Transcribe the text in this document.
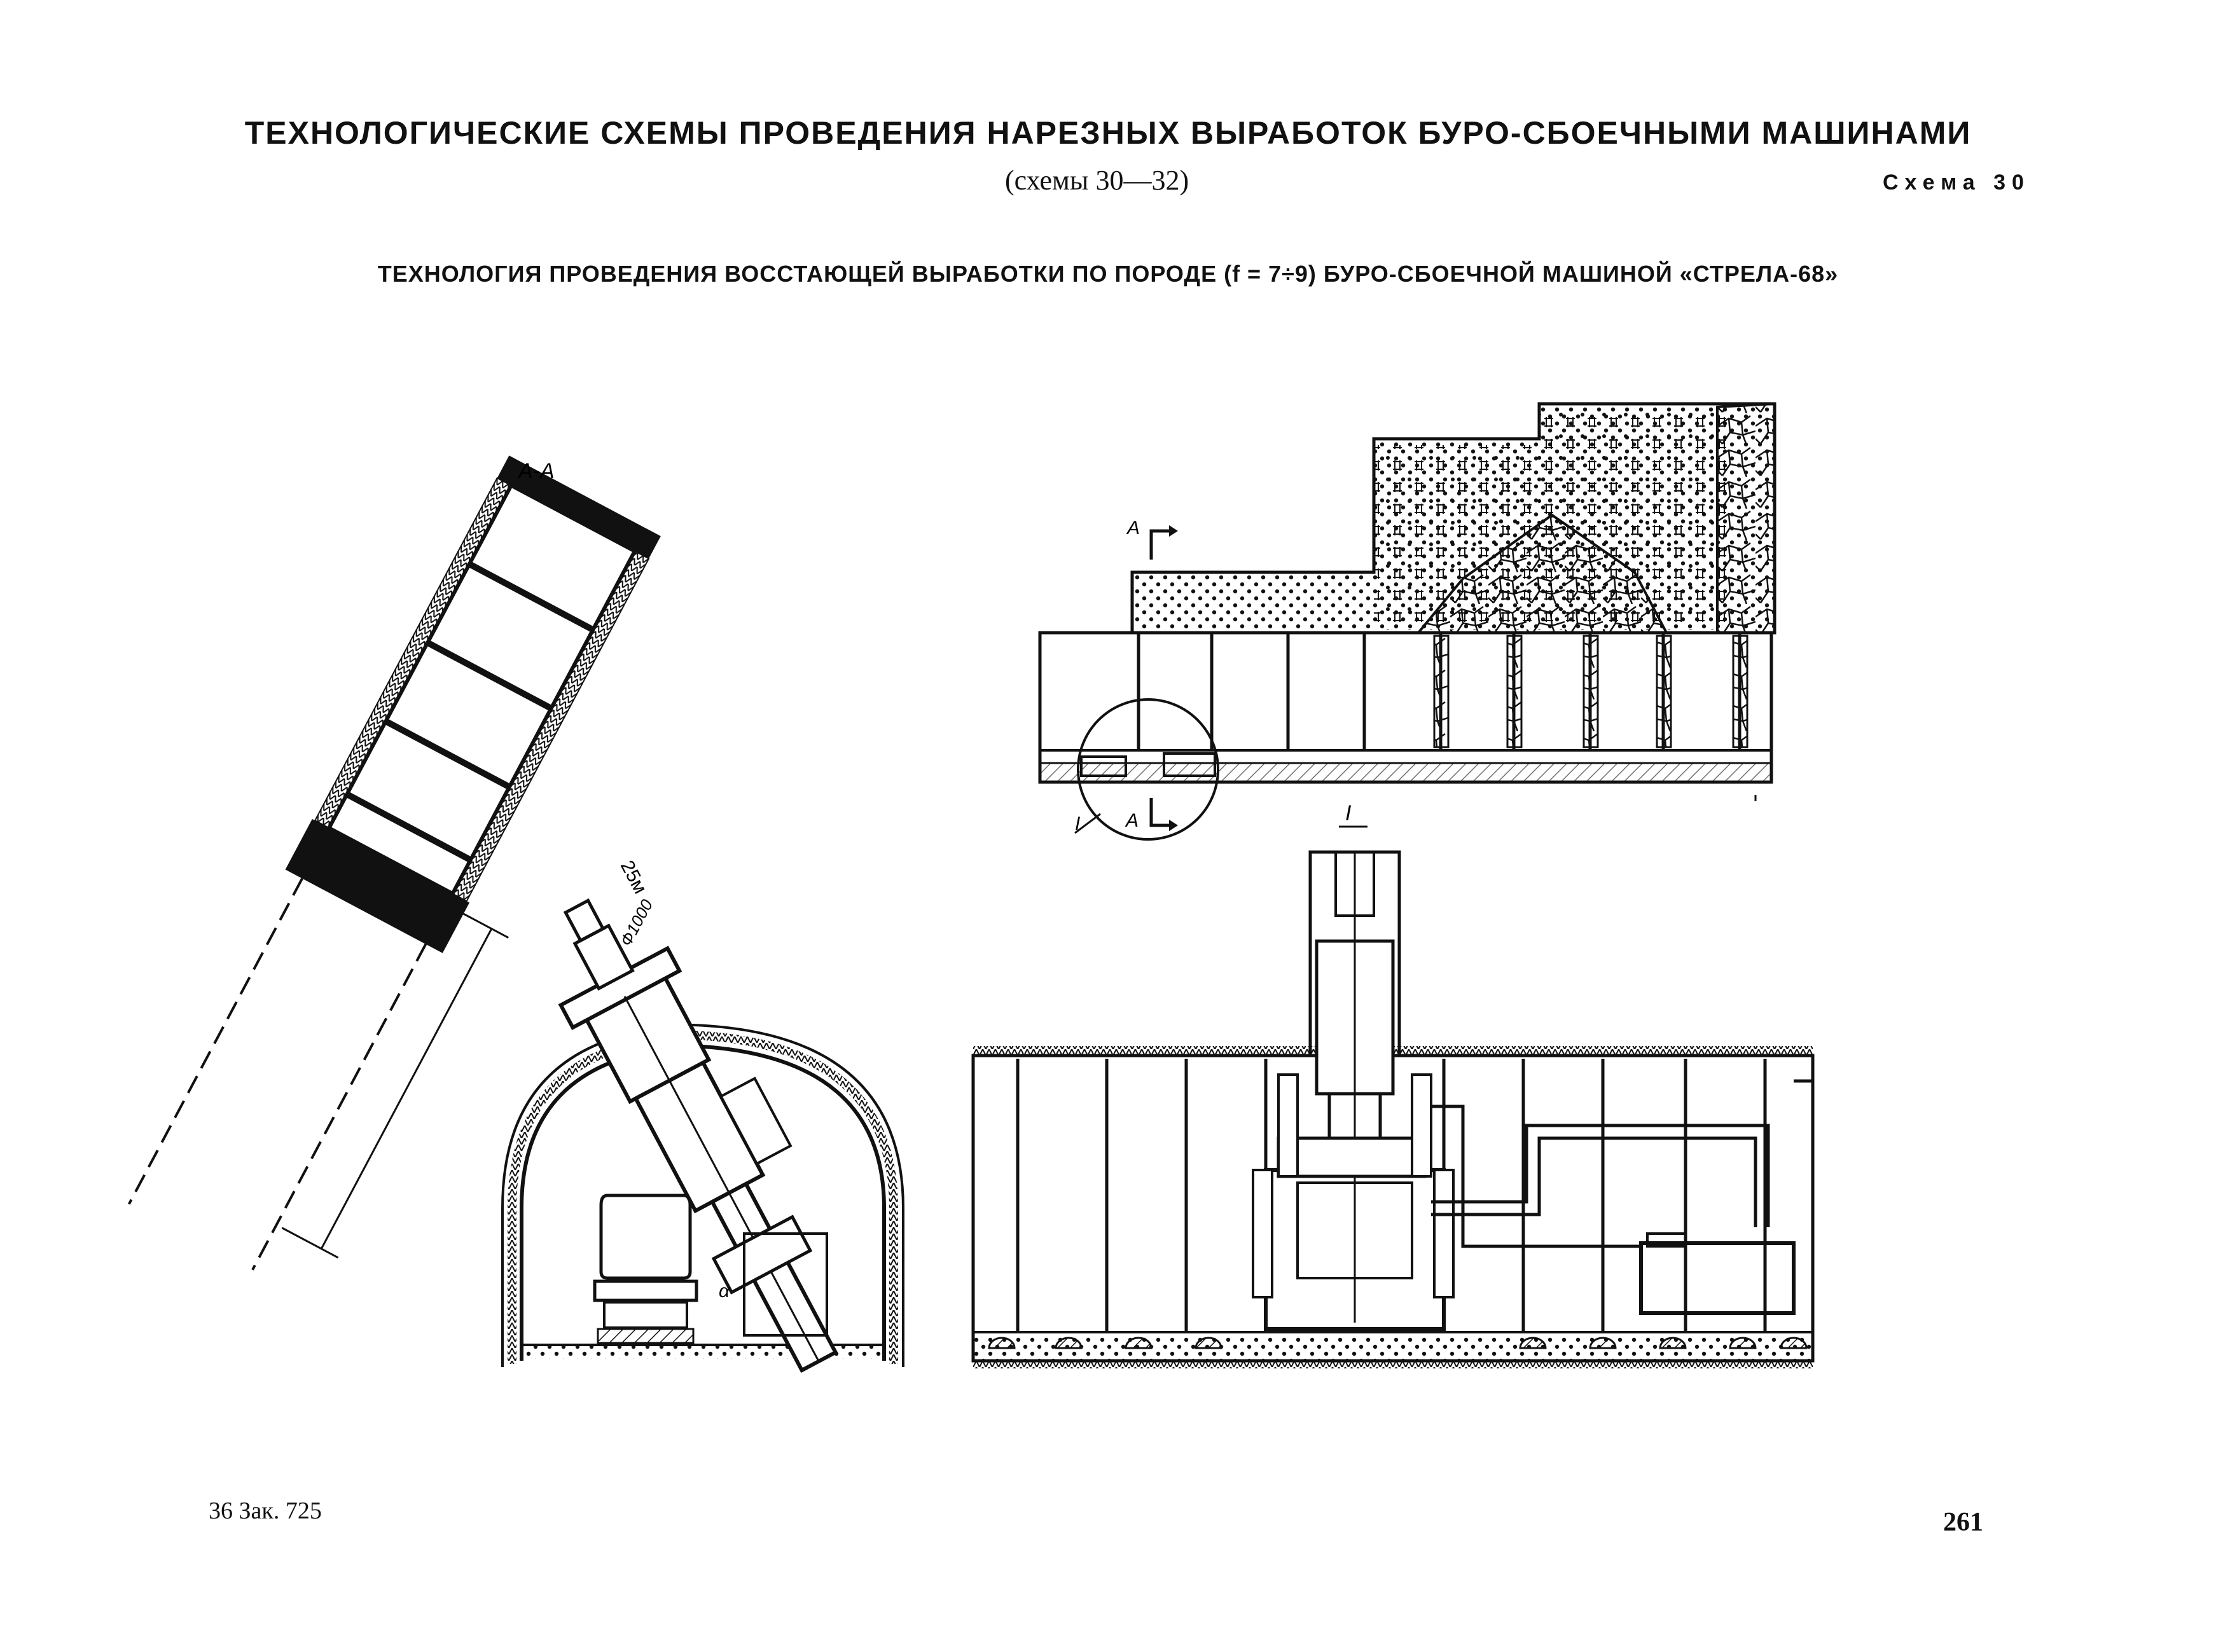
ТЕХНОЛОГИЧЕСКИЕ СХЕМЫ ПРОВЕДЕНИЯ НАРЕЗНЫХ ВЫРАБОТОК БУРО-СБОЕЧНЫМИ МАШИНАМИ
(схемы 30—32)	Схема 30
ТЕХНОЛОГИЯ ПРОВЕДЕНИЯ ВОССТАЮЩЕЙ ВЫРАБОТКИ ПО ПОРОДЕ (f = 7÷9) БУРО-СБОЕЧНОЙ МАШИНОЙ «СТРЕЛА-68»
А-А
25м
Ф1000
α
А
А
I	I
36 Зак. 725	261
